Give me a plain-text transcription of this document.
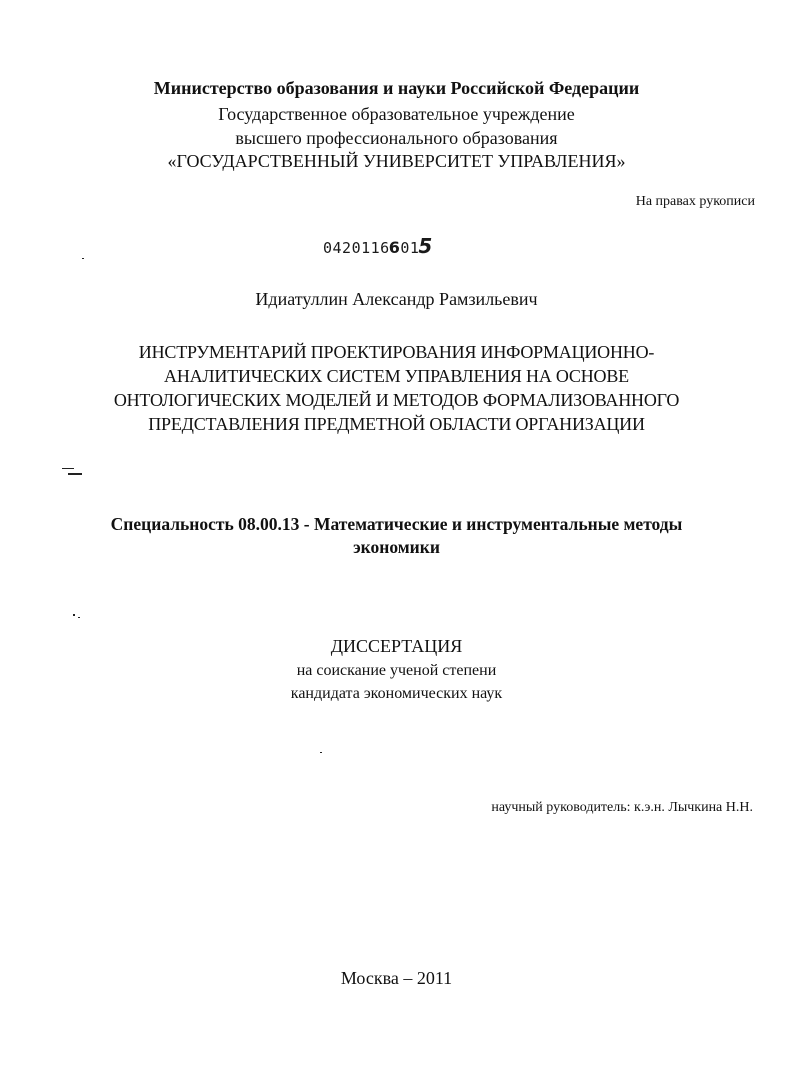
Министерство образования и науки Российской Федерации
Государственное образовательное учреждение
высшего профессионального образования
«ГОСУДАРСТВЕННЫЙ УНИВЕРСИТЕТ УПРАВЛЕНИЯ»
На правах рукописи
04201166015
Идиатуллин Александр Рамзильевич
ИНСТРУМЕНТАРИЙ ПРОЕКТИРОВАНИЯ ИНФОРМАЦИОННО-
АНАЛИТИЧЕСКИХ СИСТЕМ УПРАВЛЕНИЯ НА ОСНОВЕ
ОНТОЛОГИЧЕСКИХ МОДЕЛЕЙ И МЕТОДОВ ФОРМАЛИЗОВАННОГО
ПРЕДСТАВЛЕНИЯ ПРЕДМЕТНОЙ ОБЛАСТИ ОРГАНИЗАЦИИ
Специальность 08.00.13 - Математические и инструментальные методы
экономики
ДИССЕРТАЦИЯ
на соискание ученой степени
кандидата экономических наук
научный руководитель: к.э.н. Лычкина Н.Н.
Москва – 2011
